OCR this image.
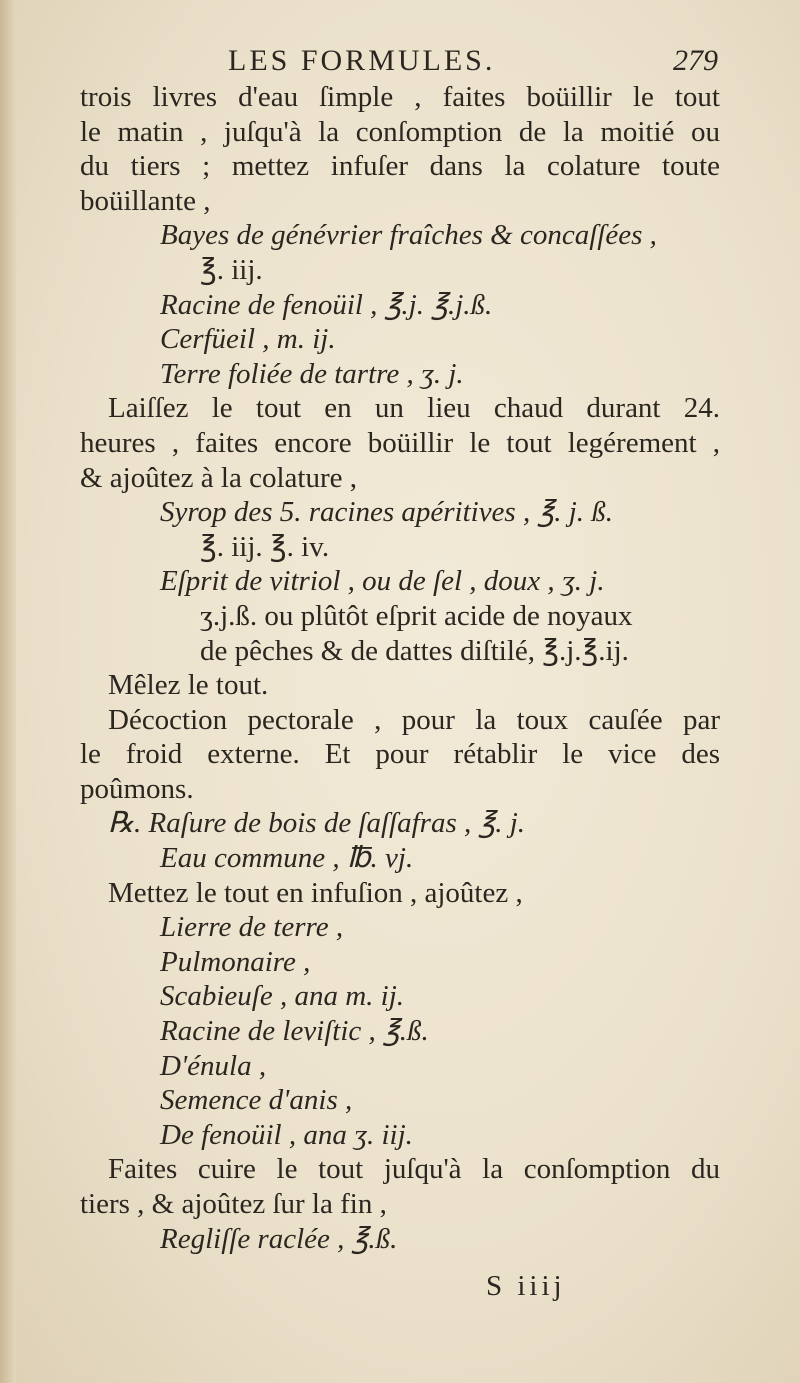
LES FORMULES.	279
trois livres d'eau ſimple , faites boüillir le tout
le matin , juſqu'à la conſomption de la moitié ou
du tiers ; mettez infuſer dans la colature toute
boüillante ,
Bayes de génévrier fraîches & concaſſées ,
℥. iij.
Racine de fenoüil , ℥.j. ℥.j.ß.
Cerfüeil , m. ij.
Terre foliée de tartre , ʒ. j.
Laiſſez le tout en un lieu chaud durant 24.
heures , faites encore boüillir le tout legérement ,
& ajoûtez à la colature ,
Syrop des 5. racines apéritives , ℥. j. ß.
℥. iij. ℥. iv.
Eſprit de vitriol , ou de ſel , doux , ʒ. j.
ʒ.j.ß. ou plûtôt eſprit acide de noyaux
de pêches & de dattes diſtilé, ℥.j.℥.ij.
Mêlez le tout.
Décoction pectorale , pour la toux cauſée par
le froid externe. Et pour rétablir le vice des
poûmons.
℞. Raſure de bois de ſaſſafras , ℥. j.
Eau commune , ℔. vj.
Mettez le tout en infuſion , ajoûtez ,
Lierre de terre ,
Pulmonaire ,
Scabieuſe , ana m. ij.
Racine de leviſtic , ℥.ß.
D'énula ,
Semence d'anis ,
De fenoüil , ana ʒ. iij.
Faites cuire le tout juſqu'à la conſomption du
tiers , & ajoûtez ſur la fin ,
Regliſſe raclée , ℥.ß.
S iiij
